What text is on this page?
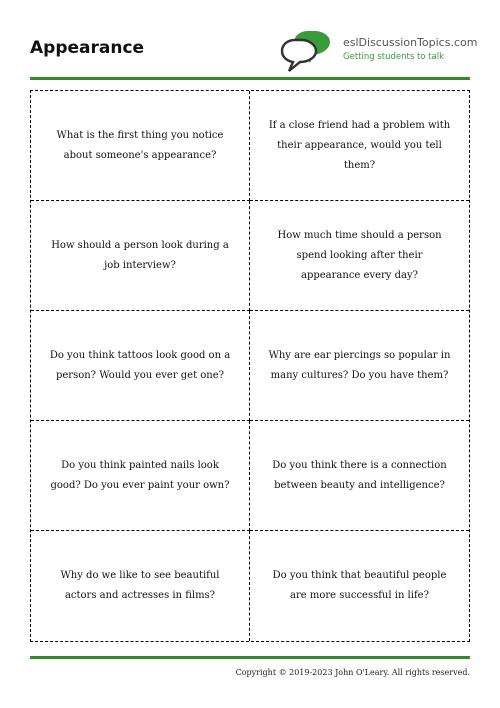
Appearance	eslDiscussionTopics.com
Getting students to talk
What is the first thing you notice about someone's appearance?
If a close friend had a problem with their appearance, would you tell them?
How should a person look during a job interview?
How much time should a person spend looking after their appearance every day?
Do you think tattoos look good on a person? Would you ever get one?
Why are ear piercings so popular in many cultures? Do you have them?
Do you think painted nails look good? Do you ever paint your own?
Do you think there is a connection between beauty and intelligence?
Why do we like to see beautiful actors and actresses in films?
Do you think that beautiful people are more successful in life?
Copyright © 2019-2023 John O'Leary. All rights reserved.
